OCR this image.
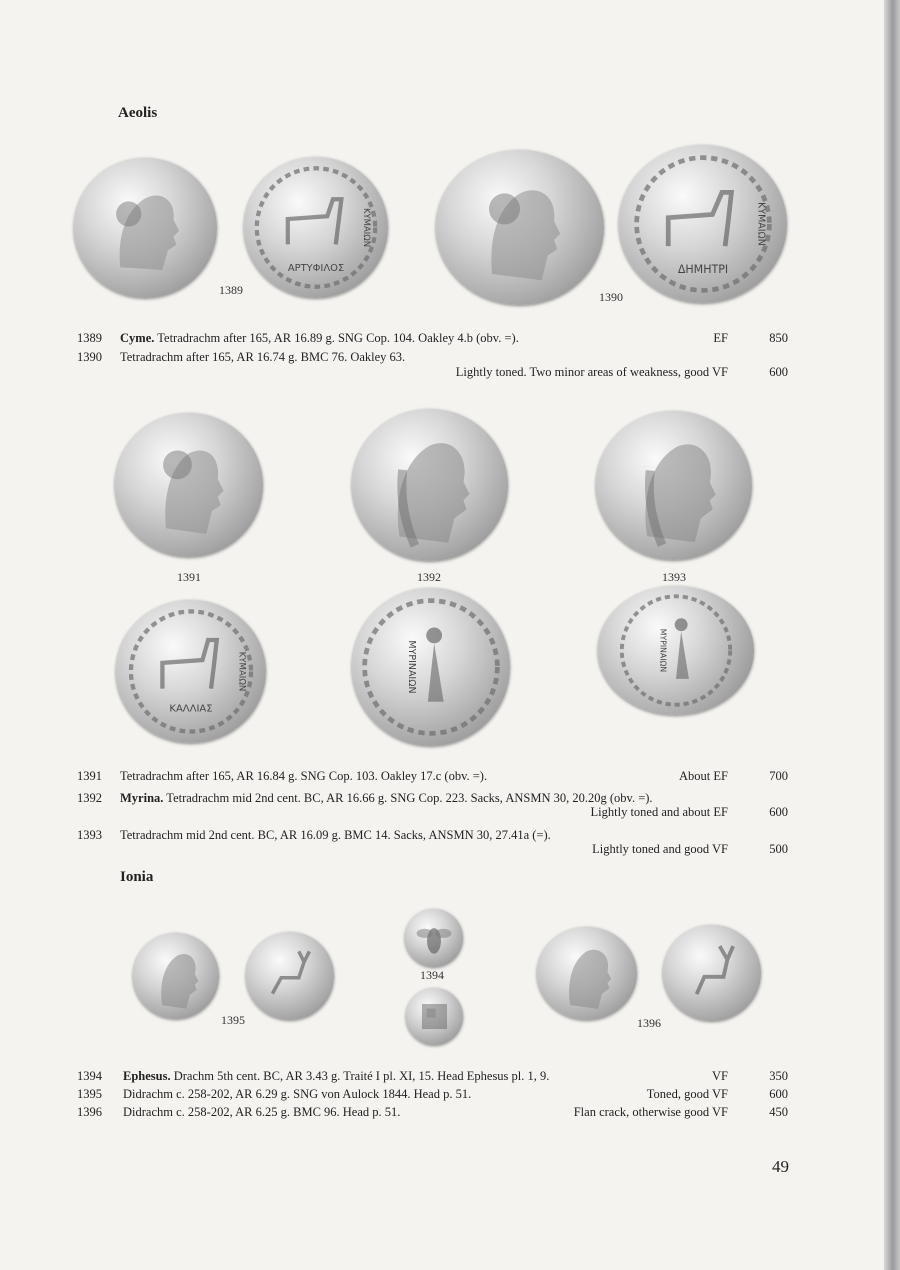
Aeolis
ΑΡΤΥΦΙΛΟΣ
ΚΥΜΑΙΩΝ
1389
ΔΗΜΗΤΡΙ
ΚΥΜΑΙΩΝ
1390
1389 Cyme. Tetradrachm after 165, AR 16.89 g. SNG Cop. 104. Oakley 4.b (obv. =).	EF	850
1390 Tetradrachm after 165, AR 16.74 g. BMC 76. Oakley 63.
Lightly toned. Two minor areas of weakness, good VF	600
1391	1392	1393
ΚΑΛΛΙΑΣ
ΚΥΜΑΙΩΝ	ΜΥΡΙΝΑΙΩΝ	ΜΥΡΙΝΑΙΩΝ
1391 Tetradrachm after 165, AR 16.84 g. SNG Cop. 103. Oakley 17.c (obv. =).	About EF	700
1392 Myrina. Tetradrachm mid 2nd cent. BC, AR 16.66 g. SNG Cop. 223. Sacks, ANSMN 30, 20.20g (obv. =).
Lightly toned and about EF	600
1393 Tetradrachm mid 2nd cent. BC, AR 16.09 g. BMC 14. Sacks, ANSMN 30, 27.41a (=).
Lightly toned and good VF	500
Ionia
1395
1394
1396
1394 Ephesus. Drachm 5th cent. BC, AR 3.43 g. Traité I pl. XI, 15. Head Ephesus pl. 1, 9.	VF	350
1395 Didrachm c. 258-202, AR 6.29 g. SNG von Aulock 1844. Head p. 51.	Toned, good VF	600
1396 Didrachm c. 258-202, AR 6.25 g. BMC 96. Head p. 51.	Flan crack, otherwise good VF	450
49
